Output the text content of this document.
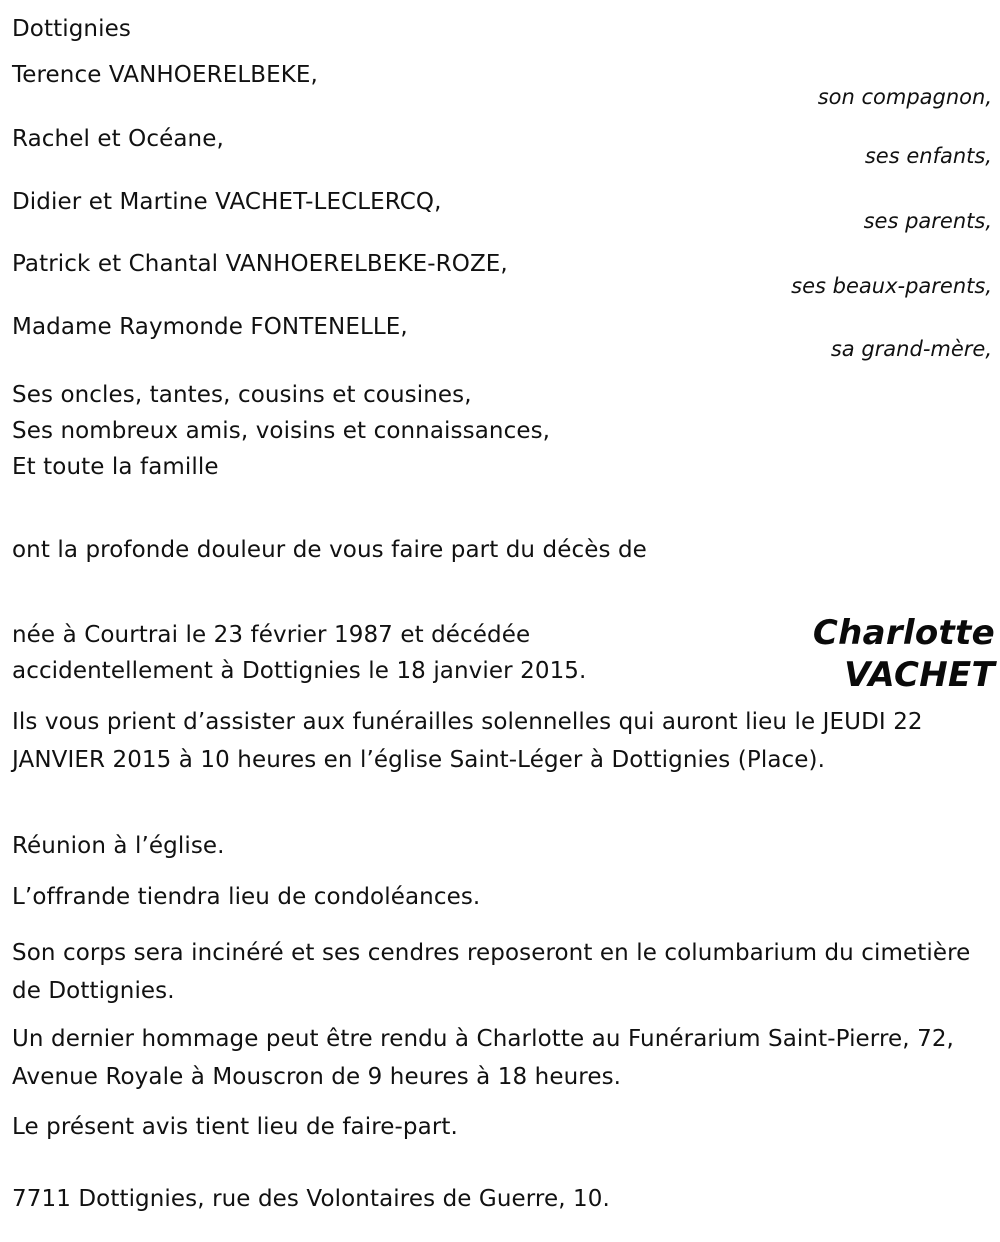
Dottignies
Terence VANHOERELBEKE,
son compagnon,
Rachel et Océane,
ses enfants,
Didier et Martine VACHET-LECLERCQ,
ses parents,
Patrick et Chantal VANHOERELBEKE-ROZE,
ses beaux-parents,
Madame Raymonde FONTENELLE,
sa grand-mère,
Ses oncles, tantes, cousins et cousines,
Ses nombreux amis, voisins et connaissances,
Et toute la famille
ont la profonde douleur de vous faire part du décès de
née à Courtrai le 23 février 1987 et décédée
accidentellement à Dottignies le 18 janvier 2015.
Charlotte
VACHET
Ils vous prient d’assister aux funérailles solennelles qui auront lieu le JEUDI 22 JANVIER 2015 à 10 heures en l’église Saint-Léger à Dottignies (Place).
Réunion à l’église.
L’offrande tiendra lieu de condoléances.
Son corps sera incinéré et ses cendres reposeront en le columbarium du cimetière de Dottignies.
Un dernier hommage peut être rendu à Charlotte au Funérarium Saint-Pierre, 72, Avenue Royale à Mouscron de 9 heures à 18 heures.
Le présent avis tient lieu de faire-part.
7711 Dottignies, rue des Volontaires de Guerre, 10.
